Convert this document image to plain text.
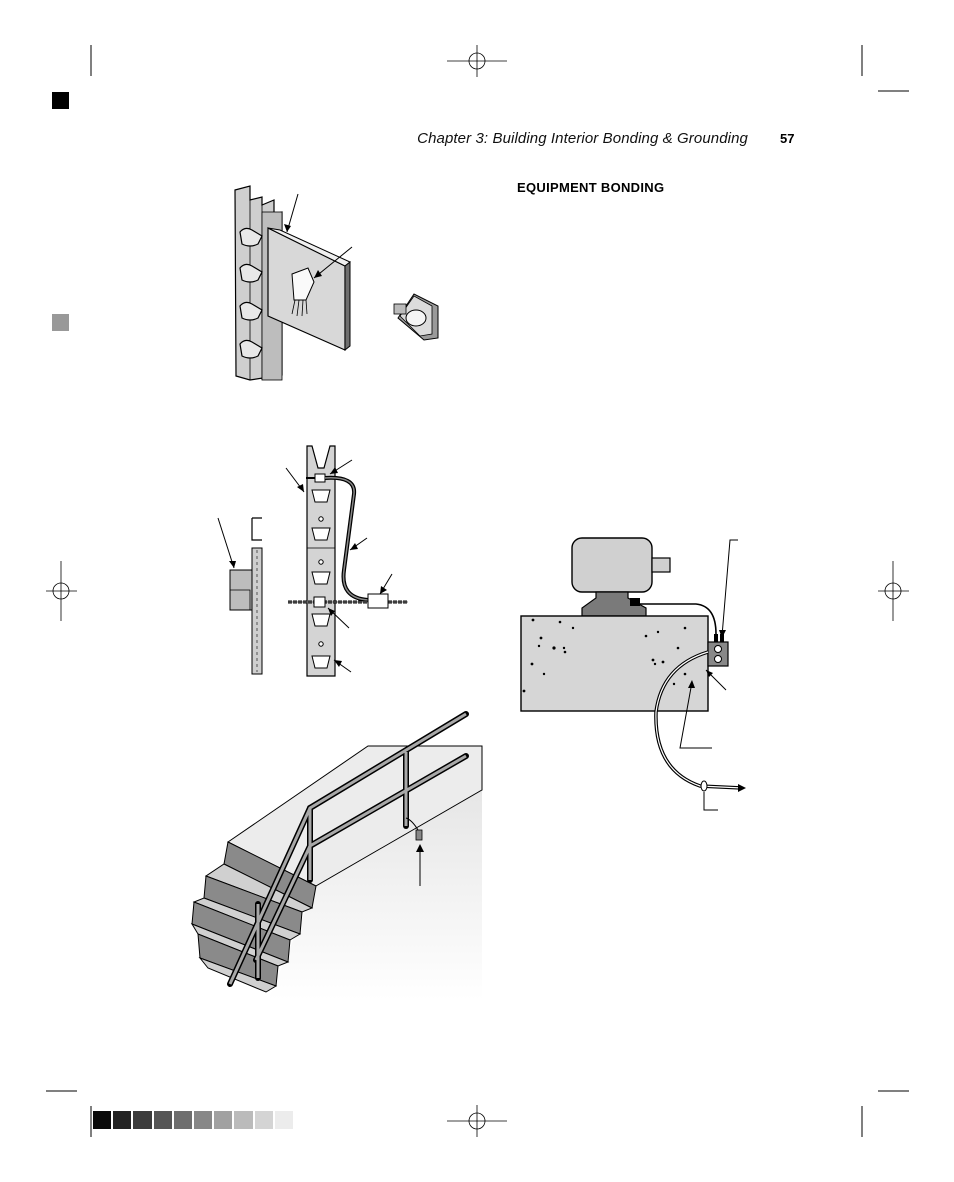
Chapter 3: Building Interior Bonding & Grounding 57
EQUIPMENT BONDING
